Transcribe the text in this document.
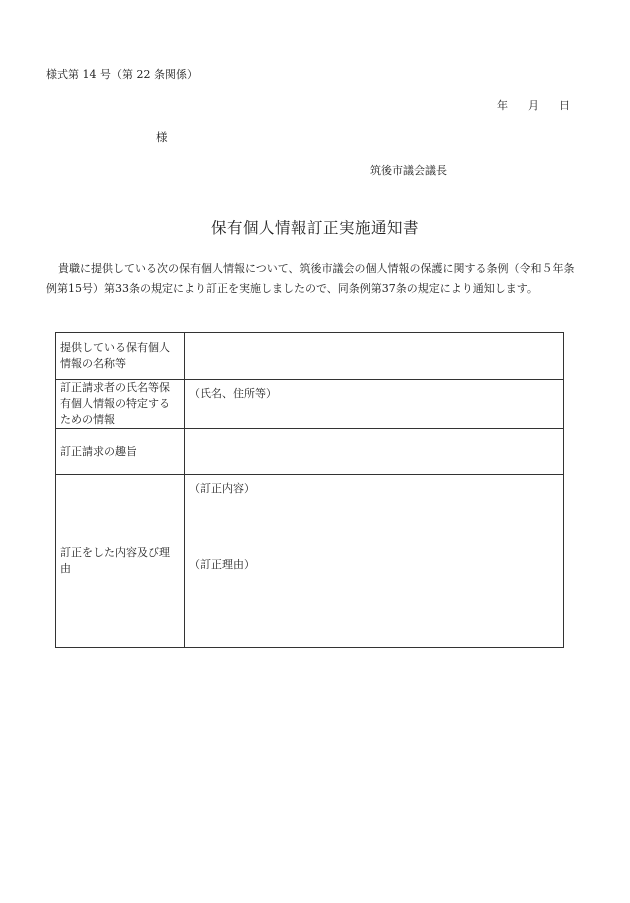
様式第 14 号（第 22 条関係）
年 月 日
様
筑後市議会議長
保有個人情報訂正実施通知書
貴職に提供している次の保有個人情報について、筑後市議会の個人情報の保護に関する条例（令和５年条例第15号）第33条の規定により訂正を実施しましたので、同条例第37条の規定により通知します。
提供している保有個人情報の名称等	
訂正請求者の氏名等保有個人情報の特定するための情報	（氏名、住所等）
訂正請求の趣旨	
訂正をした内容及び理由	（訂正内容）
（訂正理由）
